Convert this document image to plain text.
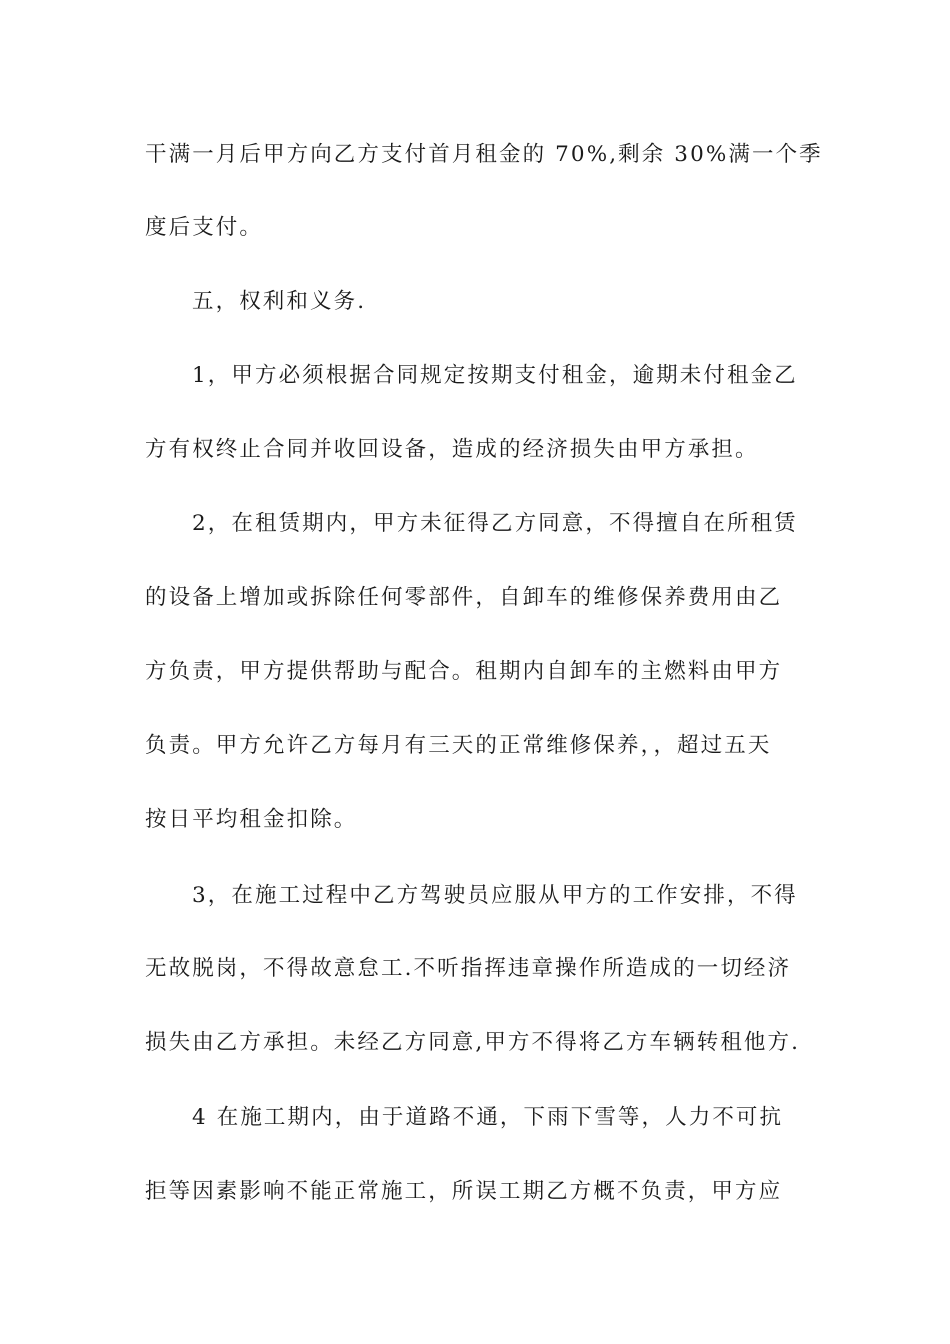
干满一月后甲方向乙方支付首月租金的 70%,剩余 30%满一个季
度后支付。
五，权利和义务.
1，甲方必须根据合同规定按期支付租金，逾期未付租金乙
方有权终止合同并收回设备，造成的经济损失由甲方承担。
2，在租赁期内，甲方未征得乙方同意，不得擅自在所租赁
的设备上增加或拆除任何零部件，自卸车的维修保养费用由乙
方负责，甲方提供帮助与配合。租期内自卸车的主燃料由甲方
负责。甲方允许乙方每月有三天的正常维修保养，，超过五天
按日平均租金扣除。
3，在施工过程中乙方驾驶员应服从甲方的工作安排，不得
无故脱岗，不得故意怠工.不听指挥违章操作所造成的一切经济
损失由乙方承担。未经乙方同意,甲方不得将乙方车辆转租他方.
4 在施工期内，由于道路不通，下雨下雪等，人力不可抗
拒等因素影响不能正常施工，所误工期乙方概不负责，甲方应
